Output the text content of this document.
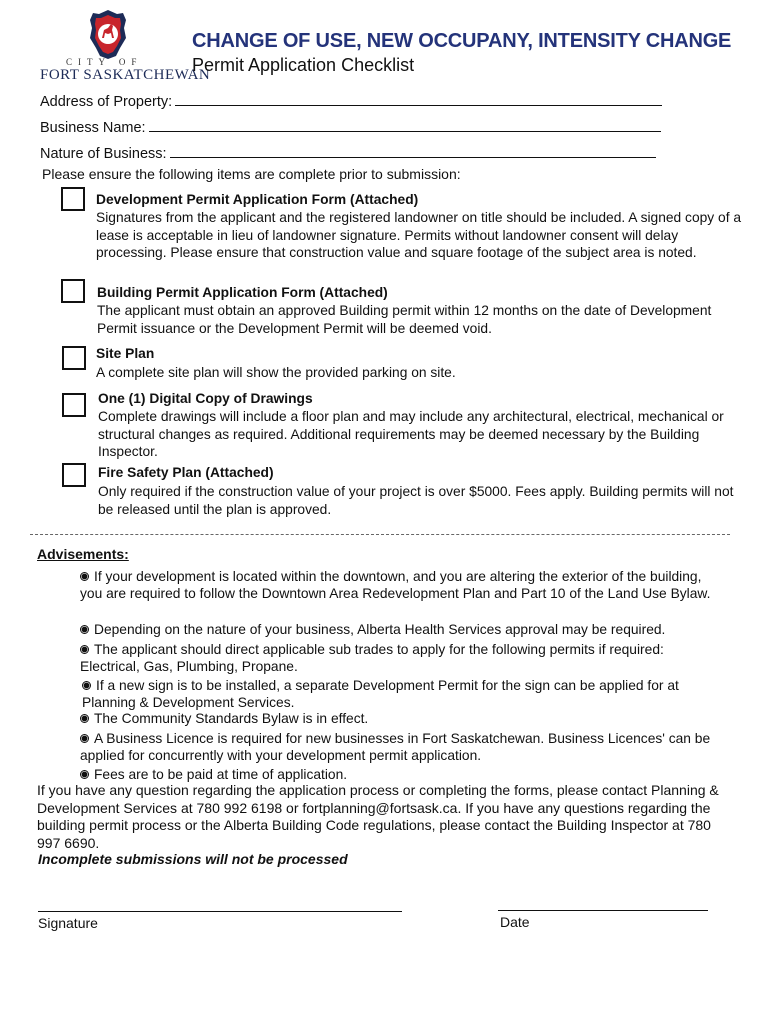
CITY OF
FORT SASKATCHEWAN
CHANGE OF USE, NEW OCCUPANY, INTENSITY CHANGE
Permit Application Checklist
Address of Property:
Business Name:
Nature of Business:
Please ensure the following items are complete prior to submission:
Development Permit Application Form (Attached)
Signatures from the applicant and the registered landowner on title should be included. A signed copy of a lease is acceptable in lieu of landowner signature. Permits without landowner consent will delay processing. Please ensure that construction value and square footage of the subject area is noted.
Building Permit Application Form (Attached)
The applicant must obtain an approved Building permit within 12 months on the date of Development Permit issuance or the Development Permit will be deemed void.
Site Plan
A complete site plan will show the provided parking on site.
One (1) Digital Copy of Drawings
Complete drawings will include a floor plan and may include any architectural, electrical, mechanical or structural changes as required. Additional requirements may be deemed necessary by the Building Inspector.
Fire Safety Plan (Attached)
Only required if the construction value of your project is over $5000. Fees apply. Building permits will not be released until the plan is approved.
Advisements:
If your development is located within the downtown, and you are altering the exterior of the building, you are required to follow the Downtown Area Redevelopment Plan and Part 10 of the Land Use Bylaw.
Depending on the nature of your business, Alberta Health Services approval may be required.
The applicant should direct applicable sub trades to apply for the following permits if required: Electrical, Gas, Plumbing, Propane.
If a new sign is to be installed, a separate Development Permit for the sign can be applied for at Planning & Development Services.
The Community Standards Bylaw is in effect.
A Business Licence is required for new businesses in Fort Saskatchewan. Business Licences' can be applied for concurrently with your development permit application.
Fees are to be paid at time of application.
If you have any question regarding the application process or completing the forms, please contact Planning & Development Services at 780 992 6198 or fortplanning@fortsask.ca. If you have any questions regarding the building permit process or the Alberta Building Code regulations, please contact the Building Inspector at 780 997 6690.
Incomplete submissions will not be processed
Signature	Date
